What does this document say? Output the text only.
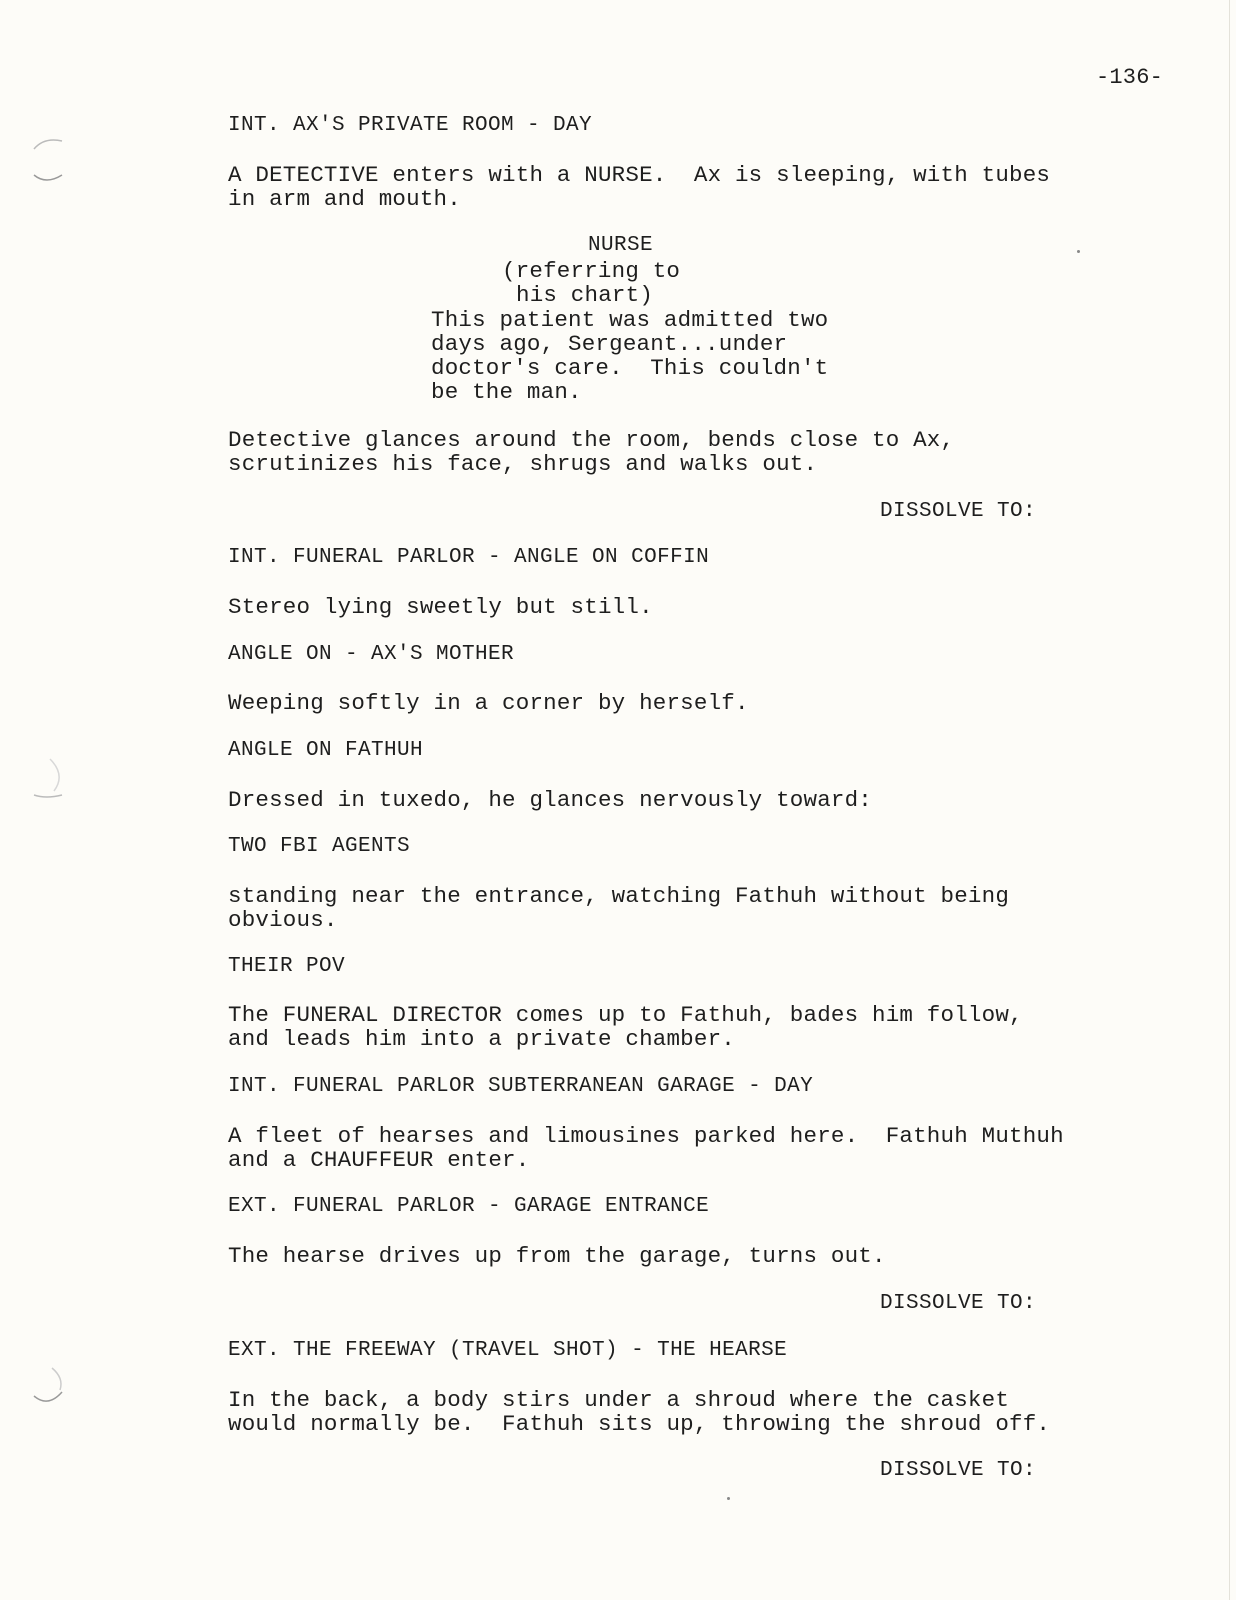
-136-
INT. AX'S PRIVATE ROOM - DAY
A DETECTIVE enters with a NURSE.  Ax is sleeping, with tubes
in arm and mouth.
NURSE
(referring to
his chart)
This patient was admitted two
days ago, Sergeant...under
doctor's care.  This couldn't
be the man.
Detective glances around the room, bends close to Ax,
scrutinizes his face, shrugs and walks out.
DISSOLVE TO:
INT. FUNERAL PARLOR - ANGLE ON COFFIN
Stereo lying sweetly but still.
ANGLE ON - AX'S MOTHER
Weeping softly in a corner by herself.
ANGLE ON FATHUH
Dressed in tuxedo, he glances nervously toward:
TWO FBI AGENTS
standing near the entrance, watching Fathuh without being
obvious.
THEIR POV
The FUNERAL DIRECTOR comes up to Fathuh, bades him follow,
and leads him into a private chamber.
INT. FUNERAL PARLOR SUBTERRANEAN GARAGE - DAY
A fleet of hearses and limousines parked here.  Fathuh Muthuh
and a CHAUFFEUR enter.
EXT. FUNERAL PARLOR - GARAGE ENTRANCE
The hearse drives up from the garage, turns out.
DISSOLVE TO:
EXT. THE FREEWAY (TRAVEL SHOT) - THE HEARSE
In the back, a body stirs under a shroud where the casket
would normally be.  Fathuh sits up, throwing the shroud off.
DISSOLVE TO:
